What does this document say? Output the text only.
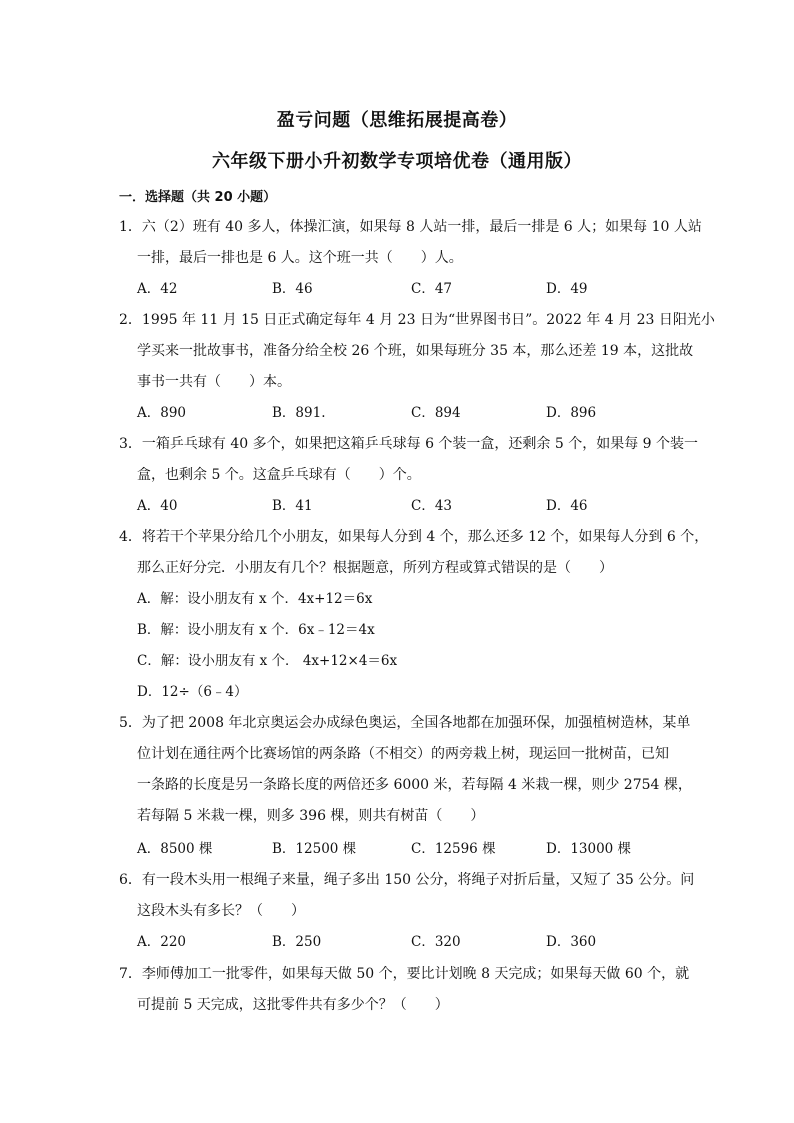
盈亏问题（思维拓展提高卷）
六年级下册小升初数学专项培优卷（通用版）
一．选择题（共 20 小题）
1．六（2）班有 40 多人，体操汇演，如果每 8 人站一排，最后一排是 6 人；如果每 10 人站
一排，最后一排也是 6 人。这个班一共（　　）人。
A．42	B．46	C．47	D．49
2．1995 年 11 月 15 日正式确定每年 4 月 23 日为“世界图书日”。2022 年 4 月 23 日阳光小
学买来一批故事书，准备分给全校 26 个班，如果每班分 35 本，那么还差 19 本，这批故
事书一共有（　　）本。
A．890	B．891.	C．894	D．896
3．一箱乒乓球有 40 多个，如果把这箱乒乓球每 6 个装一盒，还剩余 5 个，如果每 9 个装一
盒，也剩余 5 个。这盒乒乓球有（　　）个。
A．40	B．41	C．43	D．46
4．将若干个苹果分给几个小朋友，如果每人分到 4 个，那么还多 12 个，如果每人分到 6 个，
那么正好分完．小朋友有几个？根据题意，所列方程或算式错误的是（　　）
A．解：设小朋友有 x 个．4x+12＝6x
B．解：设小朋友有 x 个．6x﹣12＝4x
C．解：设小朋友有 x 个． 4x+12×4＝6x
D．12÷（6﹣4）
5．为了把 2008 年北京奥运会办成绿色奥运，全国各地都在加强环保，加强植树造林，某单
位计划在通往两个比赛场馆的两条路（不相交）的两旁栽上树，现运回一批树苗，已知
一条路的长度是另一条路长度的两倍还多 6000 米，若每隔 4 米栽一棵，则少 2754 棵，
若每隔 5 米栽一棵，则多 396 棵，则共有树苗（　　）
A．8500 棵	B．12500 棵	C．12596 棵	D．13000 棵
6．有一段木头用一根绳子来量，绳子多出 150 公分，将绳子对折后量，又短了 35 公分。问
这段木头有多长？（　　）
A．220	B．250	C．320	D．360
7．李师傅加工一批零件，如果每天做 50 个，要比计划晚 8 天完成；如果每天做 60 个，就
可提前 5 天完成，这批零件共有多少个？（　　）
